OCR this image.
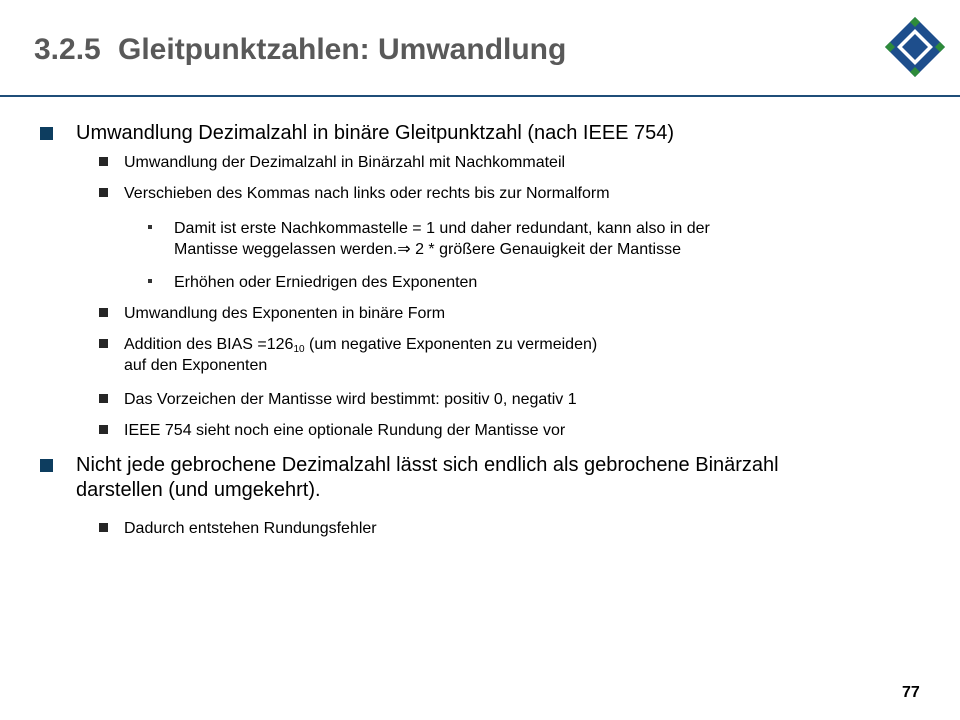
3.2.5 Gleitpunktzahlen: Umwandlung
Umwandlung Dezimalzahl in binäre Gleitpunktzahl (nach IEEE 754)
Umwandlung der Dezimalzahl in Binärzahl mit Nachkommateil
Verschieben des Kommas nach links oder rechts bis zur Normalform
Damit ist erste Nachkommastelle = 1 und daher redundant, kann also in der
Mantisse weggelassen werden.⇒ 2 * größere Genauigkeit der Mantisse
Erhöhen oder Erniedrigen des Exponenten
Umwandlung des Exponenten in binäre Form
Addition des BIAS $=126_{10}$ (um negative Exponenten zu vermeiden)
auf den Exponenten
Das Vorzeichen der Mantisse wird bestimmt: positiv 0, negativ 1
IEEE 754 sieht noch eine optionale Rundung der Mantisse vor
Nicht jede gebrochene Dezimalzahl lässt sich endlich als gebrochene Binärzahl
darstellen (und umgekehrt).
Dadurch entstehen Rundungsfehler
77
